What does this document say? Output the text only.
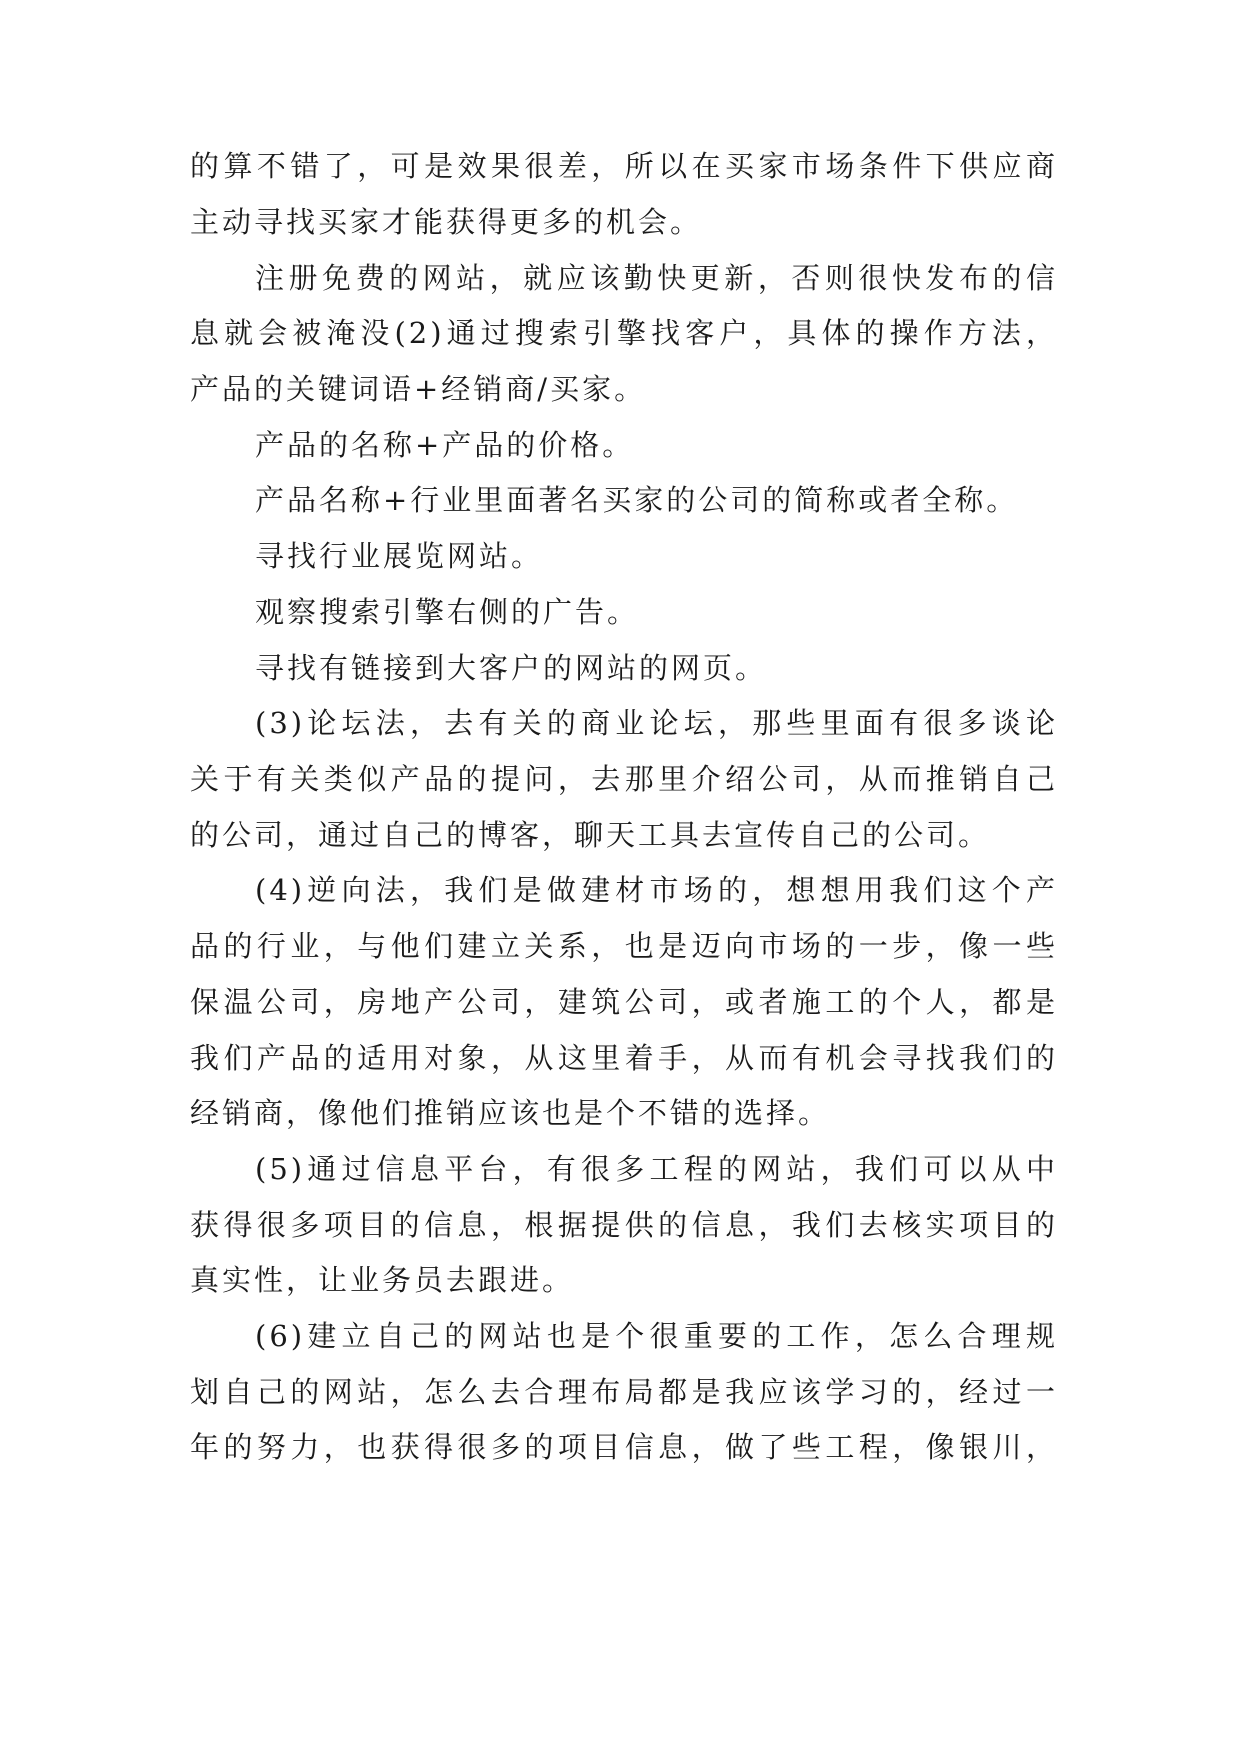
的算不错了，可是效果很差，所以在买家市场条件下供应商
主动寻找买家才能获得更多的机会。
注册免费的网站，就应该勤快更新，否则很快发布的信
息就会被淹没(2)通过搜索引擎找客户，具体的操作方法，
产品的关键词语+经销商/买家。
产品的名称+产品的价格。
产品名称+行业里面著名买家的公司的简称或者全称。
寻找行业展览网站。
观察搜索引擎右侧的广告。
寻找有链接到大客户的网站的网页。
(3)论坛法，去有关的商业论坛，那些里面有很多谈论
关于有关类似产品的提问，去那里介绍公司，从而推销自己
的公司，通过自己的博客，聊天工具去宣传自己的公司。
(4)逆向法，我们是做建材市场的，想想用我们这个产
品的行业，与他们建立关系，也是迈向市场的一步，像一些
保温公司，房地产公司，建筑公司，或者施工的个人，都是
我们产品的适用对象，从这里着手，从而有机会寻找我们的
经销商，像他们推销应该也是个不错的选择。
(5)通过信息平台，有很多工程的网站，我们可以从中
获得很多项目的信息，根据提供的信息，我们去核实项目的
真实性，让业务员去跟进。
(6)建立自己的网站也是个很重要的工作，怎么合理规
划自己的网站，怎么去合理布局都是我应该学习的，经过一
年的努力，也获得很多的项目信息，做了些工程，像银川，
